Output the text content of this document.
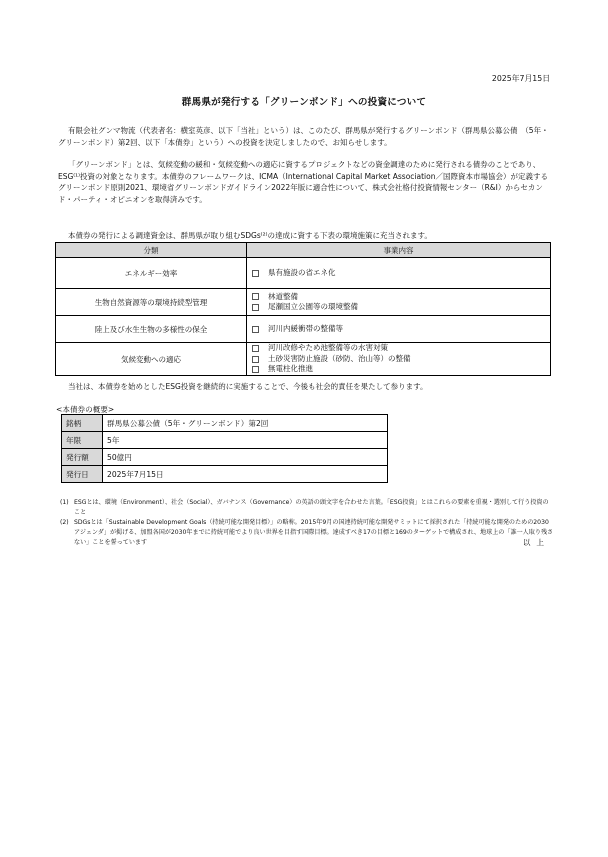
2025年7月15日
群馬県が発行する「グリーンボンド」への投資について
有限会社グンマ物流（代表者名：横室英彦、以下「当社」という）は、このたび、群馬県が発行するグリーンボンド（群馬県公募公債　（5年・グリーンボンド）第2回、以下「本債券」という）への投資を決定しましたので、お知らせします。
「グリーンボンド」とは、気候変動の緩和・気候変動への適応に資するプロジェクトなどの資金調達のために発行される債券のことであり、ESG⁽¹⁾投資の対象となります。本債券のフレームワークは、ICMA（International Capital Market Association／国際資本市場協会）が定義するグリーンボンド原則2021、環境省グリーンボンドガイドライン2022年版に適合性について、株式会社格付投資情報センター（R&I）からセカンド・パーティ・オピニオンを取得済みです。
本債券の発行による調達資金は、群馬県が取り組むSDGs⁽²⁾の達成に資する下表の環境施策に充当されます。
分類	事業内容
エネルギー効率	県有施設の省エネ化

生物自然資源等の環境持続型管理	林道整備
尾瀬国立公園等の環境整備

陸上及び水生生物の多様性の保全	河川内緩衝帯の整備等

気候変動への適応	河川改修やため池整備等の水害対策
土砂災害防止施設（砂防、治山等）の整備
無電柱化推進
当社は、本債券を始めとしたESG投資を継続的に実施することで、今後も社会的責任を果たして参ります。
<本債券の概要>
銘柄	群馬県公募公債（5年・グリーンボンド）第2回
年限	5年
発行額	50億円
発行日	2025年7月15日
(1) ESGとは、環境（Environment）、社会（Social）、ガバナンス（Governance）の英語の頭文字を合わせた言葉。「ESG投資」とはこれらの要素を重視・選別して行う投資のこと
(2) SDGsとは「Sustainable Development Goals（持続可能な開発目標）」の略称。2015年9月の国連持続可能な開発サミットにて採択された「持続可能な開発のための2030アジェンダ」が掲げる、加盟各国が2030年までに持続可能でより良い世界を目指す国際目標。達成すべき17の目標と169のターゲットで構成され、地球上の「誰一人取り残さない」ことを誓っています	以上
